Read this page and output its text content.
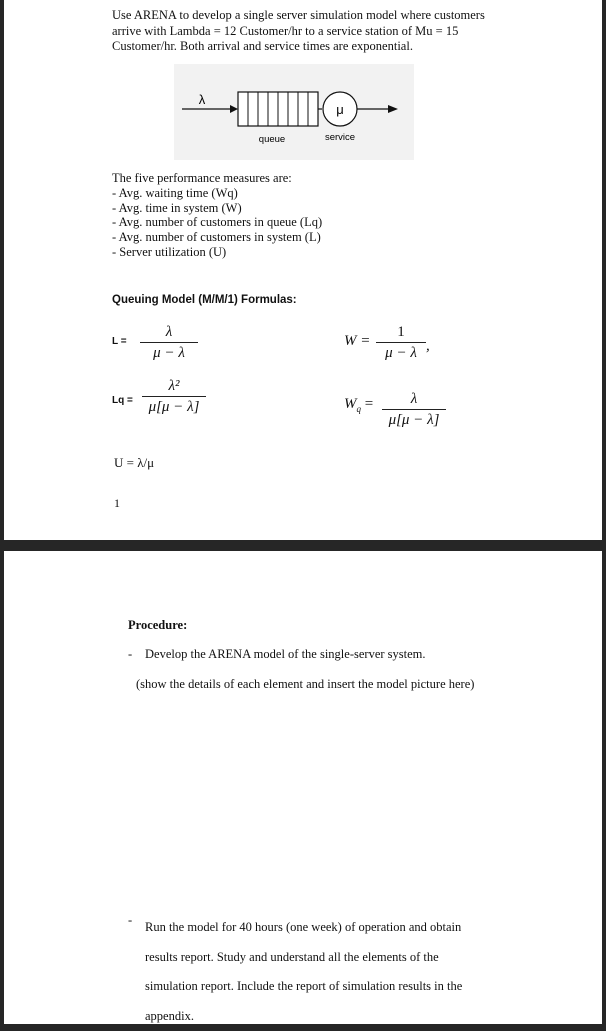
Use ARENA to develop a single server simulation model where customers arrive with Lambda = 12 Customer/hr to a service station of Mu = 15 Customer/hr. Both arrival and service times are exponential.
λ
μ
queue	service
The five performance measures are:
- Avg. waiting time (Wq)
- Avg. time in system (W)
- Avg. number of customers in queue (Lq)
- Avg. number of customers in system (L)
- Server utilization (U)
Queuing Model (M/M/1) Formulas:
L =
λ
μ − λ
W =
1
μ − λ ,
Lq =
λ²
μ[μ − λ]	$W_q$ =	λ
μ[μ − λ]
U = λ/μ
1
Procedure:
- Develop the ARENA model of the single-server system.
(show the details of each element and insert the model picture here)
- Run the model for 40 hours (one week) of operation and obtain
results report. Study and understand all the elements of the
simulation report. Include the report of simulation results in the
appendix.
